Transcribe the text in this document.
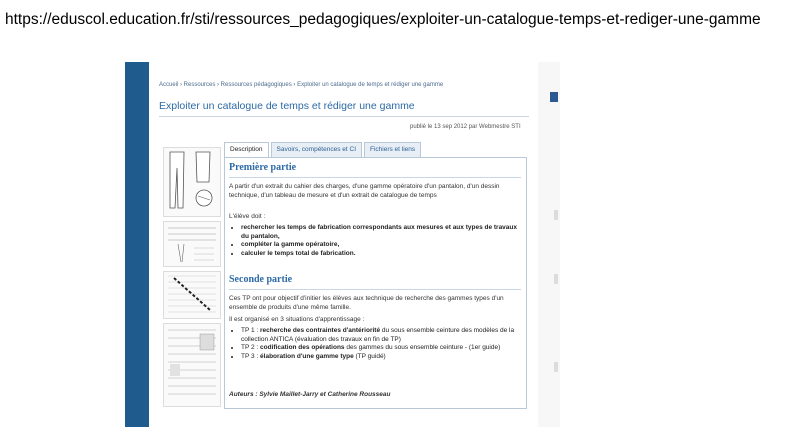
https://eduscol.education.fr/sti/ressources_pedagogiques/exploiter-un-catalogue-temps-et-rediger-une-gamme
Accueil › Ressources › Ressources pédagogiques › Exploiter un catalogue de temps et rédiger une gamme
Exploiter un catalogue de temps et rédiger une gamme
publié le 13 sep 2012 par Webmestre STI
Description	Savoirs, compétences et CI	Fichiers et liens
Première partie
A partir d'un extrait du cahier des charges, d'une gamme opératoire d'un pantalon, d'un dessin technique, d'un tableau de mesure et d'un extrait de catalogue de temps
L'élève doit :
• rechercher les temps de fabrication correspondants aux mesures et aux types de travaux du pantalon,
• compléter la gamme opératoire,
• calculer le temps total de fabrication.
Seconde partie
Ces TP ont pour objectif d'initier les élèves aux technique de recherche des gammes types d'un ensemble de produits d'une même famille.
Il est organisé en 3 situations d'apprentissage :
• TP 1 : recherche des contraintes d'antériorité du sous ensemble ceinture des modèles de la collection ANTICA (évaluation des travaux en fin de TP)
• TP 2 : codification des opérations des gammes du sous ensemble ceinture - (1er guide)
• TP 3 : élaboration d'une gamme type (TP guidé)
Auteurs : Sylvie Maillet-Jarry et Catherine Rousseau
